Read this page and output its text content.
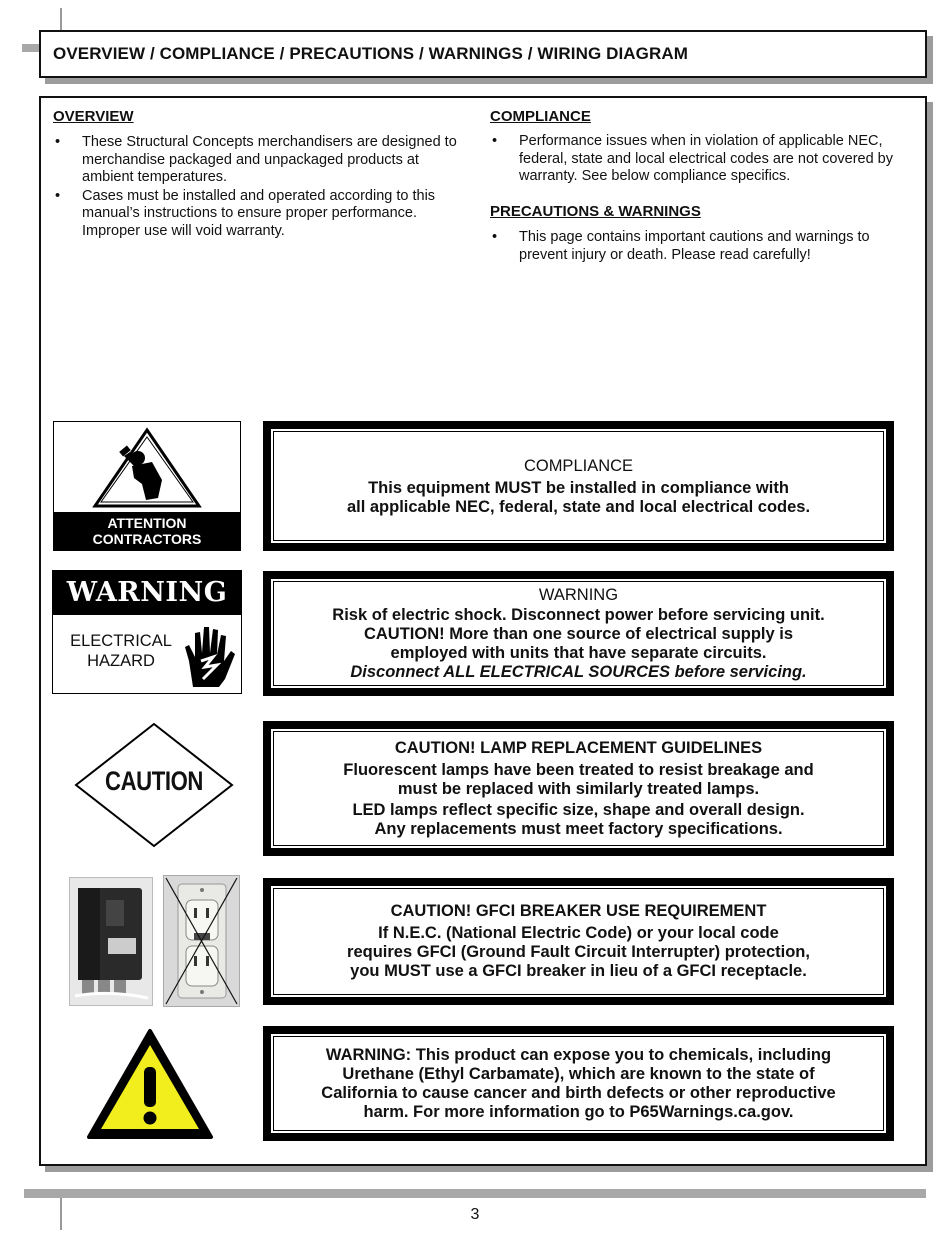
OVERVIEW / COMPLIANCE / PRECAUTIONS / WARNINGS / WIRING DIAGRAM
OVERVIEW
• These Structural Concepts merchandisers are designed to merchandise packaged and unpackaged products at ambient temperatures.
• Cases must be installed and operated according to this manual’s instructions to ensure proper performance. Improper use will void warranty.
COMPLIANCE
• Performance issues when in violation of applicable NEC, federal, state and local electrical codes are not covered by warranty. See below compliance specifics.
PRECAUTIONS & WARNINGS
• This page contains important cautions and warnings to prevent injury or death. Please read carefully!
ATTENTION
CONTRACTORS
WARNING
ELECTRICAL
HAZARD
CAUTION
COMPLIANCE
This equipment MUST be installed in compliance with
all applicable NEC, federal, state and local electrical codes.
WARNING
Risk of electric shock. Disconnect power before servicing unit.
CAUTION! More than one source of electrical supply is
employed with units that have separate circuits.
Disconnect ALL ELECTRICAL SOURCES before servicing.
CAUTION! LAMP REPLACEMENT GUIDELINES
Fluorescent lamps have been treated to resist breakage and
must be replaced with similarly treated lamps.
LED lamps reflect specific size, shape and overall design.
Any replacements must meet factory specifications.
CAUTION! GFCI BREAKER USE REQUIREMENT
If N.E.C. (National Electric Code) or your local code
requires GFCI (Ground Fault Circuit Interrupter) protection,
you MUST use a GFCI breaker in lieu of a GFCI receptacle.
WARNING: This product can expose you to chemicals, including
Urethane (Ethyl Carbamate), which are known to the state of
California to cause cancer and birth defects or other reproductive
harm. For more information go to P65Warnings.ca.gov.
3
